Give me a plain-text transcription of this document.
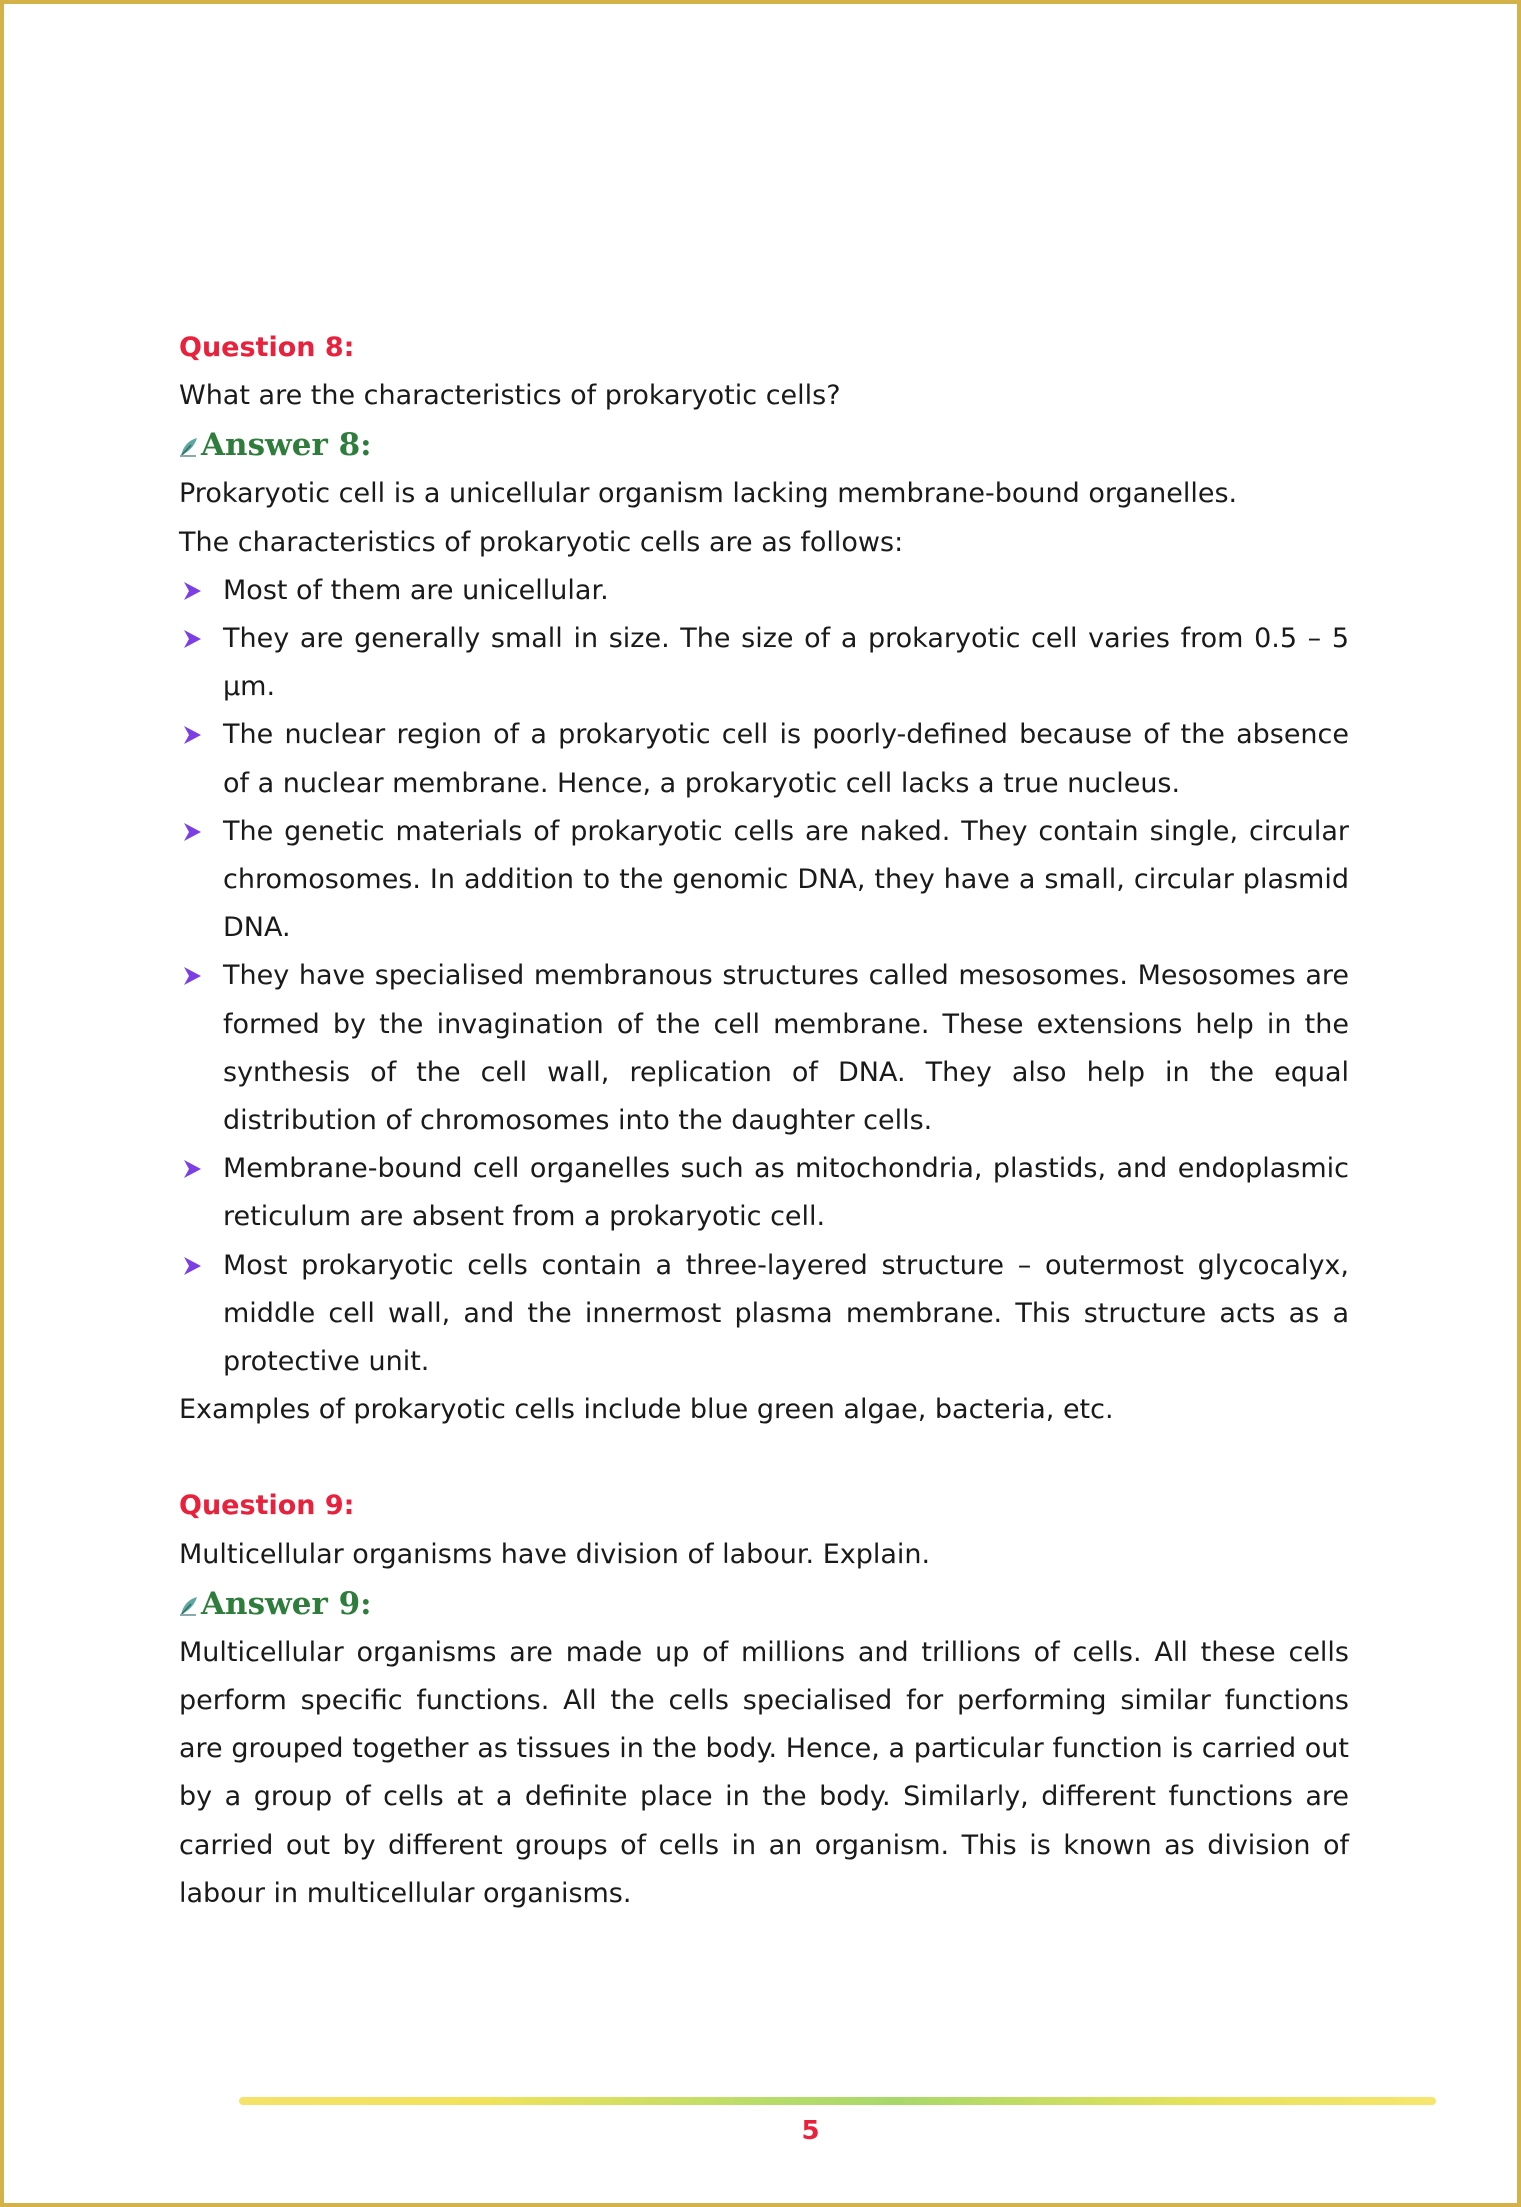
Question 8:

What are the characteristics of prokaryotic cells?

Answer 8:

Prokaryotic cell is a unicellular organism lacking membrane-bound organelles.

The characteristics of prokaryotic cells are as follows:

Most of them are unicellular.
They are generally small in size. The size of a prokaryotic cell varies from 0.5 – 5 μm.
The nuclear region of a prokaryotic cell is poorly-defined because of the absence of a nuclear membrane. Hence, a prokaryotic cell lacks a true nucleus.
The genetic materials of prokaryotic cells are naked. They contain single, circular chromosomes. In addition to the genomic DNA, they have a small, circular plasmid DNA.
They have specialised membranous structures called mesosomes. Mesosomes are formed by the invagination of the cell membrane. These extensions help in the synthesis of the cell wall, replication of DNA. They also help in the equal distribution of chromosomes into the daughter cells.
Membrane-bound cell organelles such as mitochondria, plastids, and endoplasmic reticulum are absent from a prokaryotic cell.
Most prokaryotic cells contain a three-layered structure – outermost glycocalyx, middle cell wall, and the innermost plasma membrane. This structure acts as a protective unit.

Examples of prokaryotic cells include blue green algae, bacteria, etc.

Question 9:

Multicellular organisms have division of labour. Explain.

Answer 9:

Multicellular organisms are made up of millions and trillions of cells. All these cells perform specific functions. All the cells specialised for performing similar functions are grouped together as tissues in the body. Hence, a particular function is carried out by a group of cells at a definite place in the body. Similarly, different functions are carried out by different groups of cells in an organism. This is known as division of labour in multicellular organisms.

5
